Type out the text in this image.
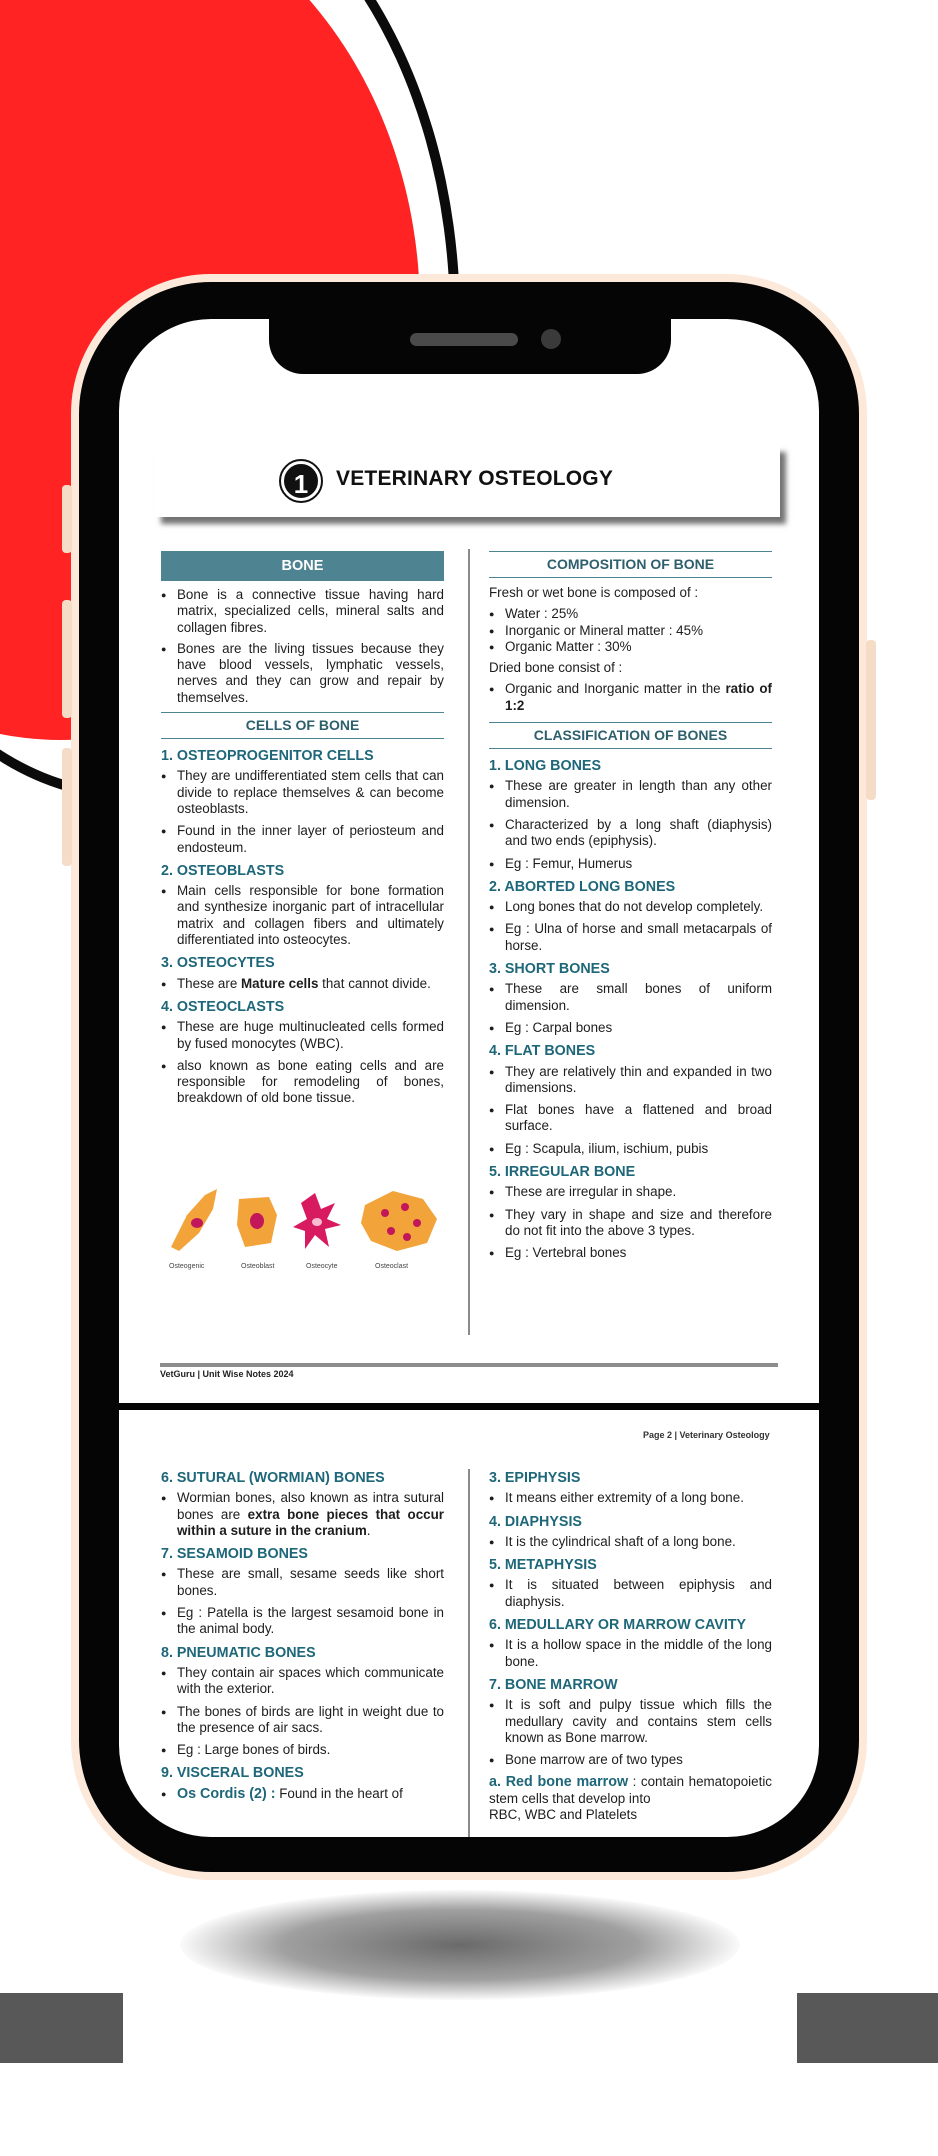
1	VETERINARY OSTEOLOGY
BONE

● Bone is a connective tissue having hard matrix, specialized cells, mineral salts and collagen fibres.

● Bones are the living tissues because they have blood vessels, lymphatic vessels, nerves and they can grow and repair by themselves.

CELLS OF BONE

1. OSTEOPROGENITOR CELLS

● They are undifferentiated stem cells that can divide to replace themselves & can become osteoblasts.

● Found in the inner layer of periosteum and endosteum.

2. OSTEOBLASTS

● Main cells responsible for bone formation and synthesize inorganic part of intracellular matrix and collagen fibers and ultimately differentiated into osteocytes.

3. OSTEOCYTES

● These are Mature cells that cannot divide.

4. OSTEOCLASTS

● These are huge multinucleated cells formed by fused monocytes (WBC).

● also known as bone eating cells and are responsible for remodeling of bones, breakdown of old bone tissue.

Osteogenic	Osteoblast	Osteocyte	Osteoclast
COMPOSITION OF BONE

Fresh or wet bone is composed of :

● Water : 25%

● Inorganic or Mineral matter : 45%

● Organic Matter : 30%

Dried bone consist of :

● Organic and Inorganic matter in the ratio of 1:2

CLASSIFICATION OF BONES

1. LONG BONES

● These are greater in length than any other dimension.

● Characterized by a long shaft (diaphysis) and two ends (epiphysis).

● Eg : Femur, Humerus

2. ABORTED LONG BONES

● Long bones that do not develop completely.

● Eg : Ulna of horse and small metacarpals of horse.

3. SHORT BONES

● These are small bones of uniform dimension.

● Eg : Carpal bones

4. FLAT BONES

● They are relatively thin and expanded in two dimensions.

● Flat bones have a flattened and broad surface.

● Eg : Scapula, ilium, ischium, pubis

5. IRREGULAR BONE

● These are irregular in shape.

● They vary in shape and size and therefore do not fit into the above 3 types.

● Eg : Vertebral bones

VetGuru | Unit Wise Notes 2024
Page 2 | Veterinary Osteology

6. SUTURAL (WORMIAN) BONES

● Wormian bones, also known as intra sutural bones are extra bone pieces that occur within a suture in the cranium.

7. SESAMOID BONES

● These are small, sesame seeds like short bones.

● Eg : Patella is the largest sesamoid bone in the animal body.

8. PNEUMATIC BONES

● They contain air spaces which communicate with the exterior.

● The bones of birds are light in weight due to the presence of air sacs.

● Eg : Large bones of birds.

9. VISCERAL BONES

● Os Cordis (2) : Found in the heart of

3. EPIPHYSIS

● It means either extremity of a long bone.

4. DIAPHYSIS

● It is the cylindrical shaft of a long bone.

5. METAPHYSIS

● It is situated between epiphysis and diaphysis.

6. MEDULLARY OR MARROW CAVITY

● It is a hollow space in the middle of the long bone.

7. BONE MARROW

● It is soft and pulpy tissue which fills the medullary cavity and contains stem cells known as Bone marrow.

● Bone marrow are of two types

a. Red bone marrow : contain hematopoietic stem cells that develop into

RBC, WBC and Platelets
